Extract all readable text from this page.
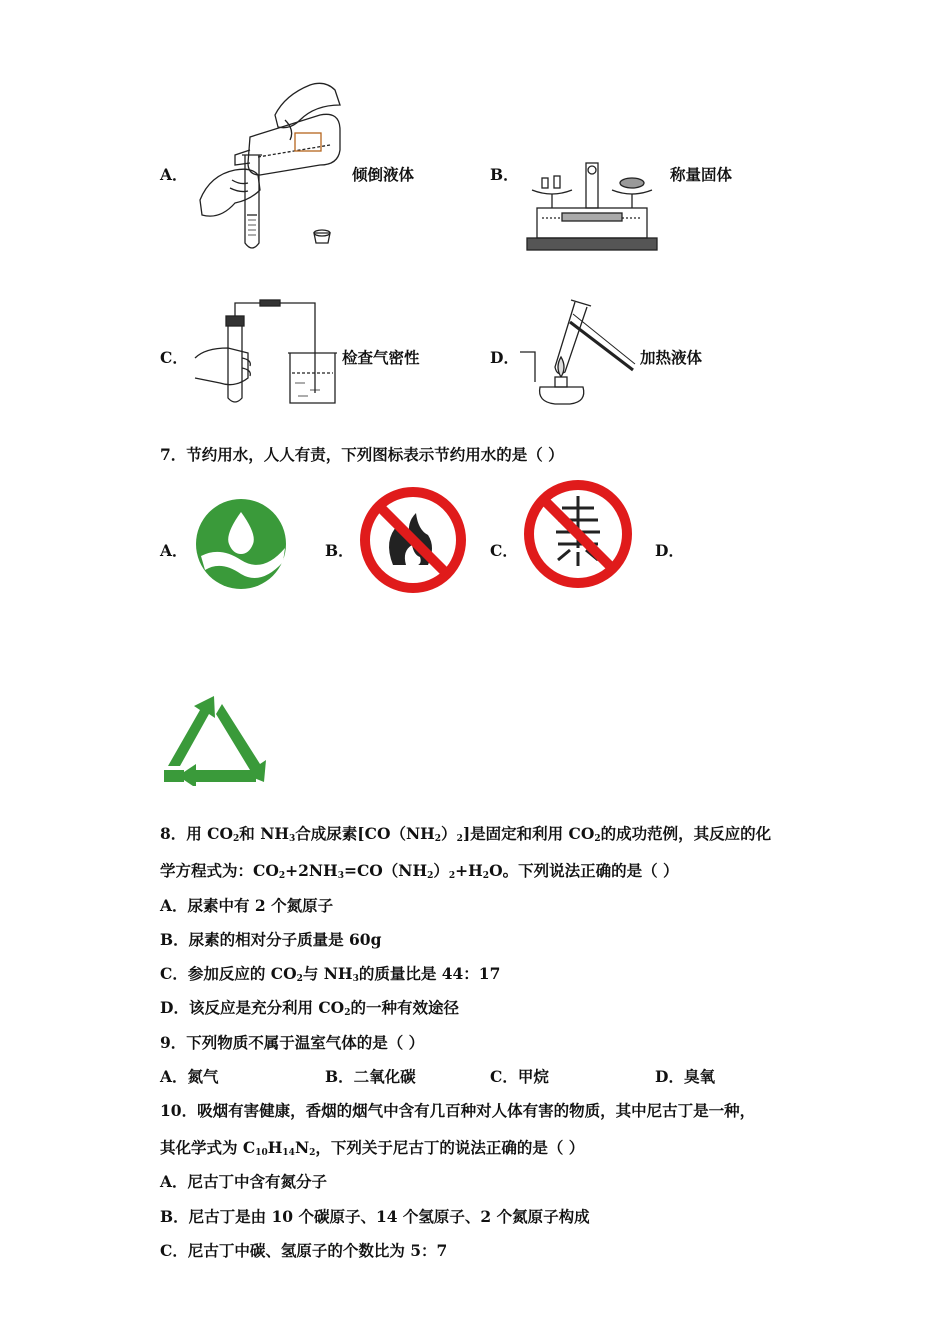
A．	倾倒液体	B．	称量固体
C．	检查气密性	D．	加热液体
7．节约用水，人人有责，下列图标表示节约用水的是（ ）
A．	B．	C．	D．
8．用 $CO_2$和 $NH_3$合成尿素$[CO(NH_2)_2]$是固定和利用 $CO_2$的成功范例，其反应的化
学方程式为：$CO_2+2NH_3=CO(NH_2)_2+H_2O$。下列说法正确的是（ ）
A．尿素中有 2 个氮原子
B．尿素的相对分子质量是 60g
C．参加反应的 $CO_2$与 $NH_3$的质量比是 44：17
D．该反应是充分利用 $CO_2$的一种有效途径
9．下列物质不属于温室气体的是（ ）
A．氮气	B．二氧化碳	C．甲烷	D．臭氧
10．吸烟有害健康，香烟的烟气中含有几百种对人体有害的物质，其中尼古丁是一种，
其化学式为 $C_{10}H_{14}N_2$，下列关于尼古丁的说法正确的是（ ）
A．尼古丁中含有氮分子
B．尼古丁是由 10 个碳原子、14 个氢原子、2 个氮原子构成
C．尼古丁中碳、氢原子的个数比为 5：7
